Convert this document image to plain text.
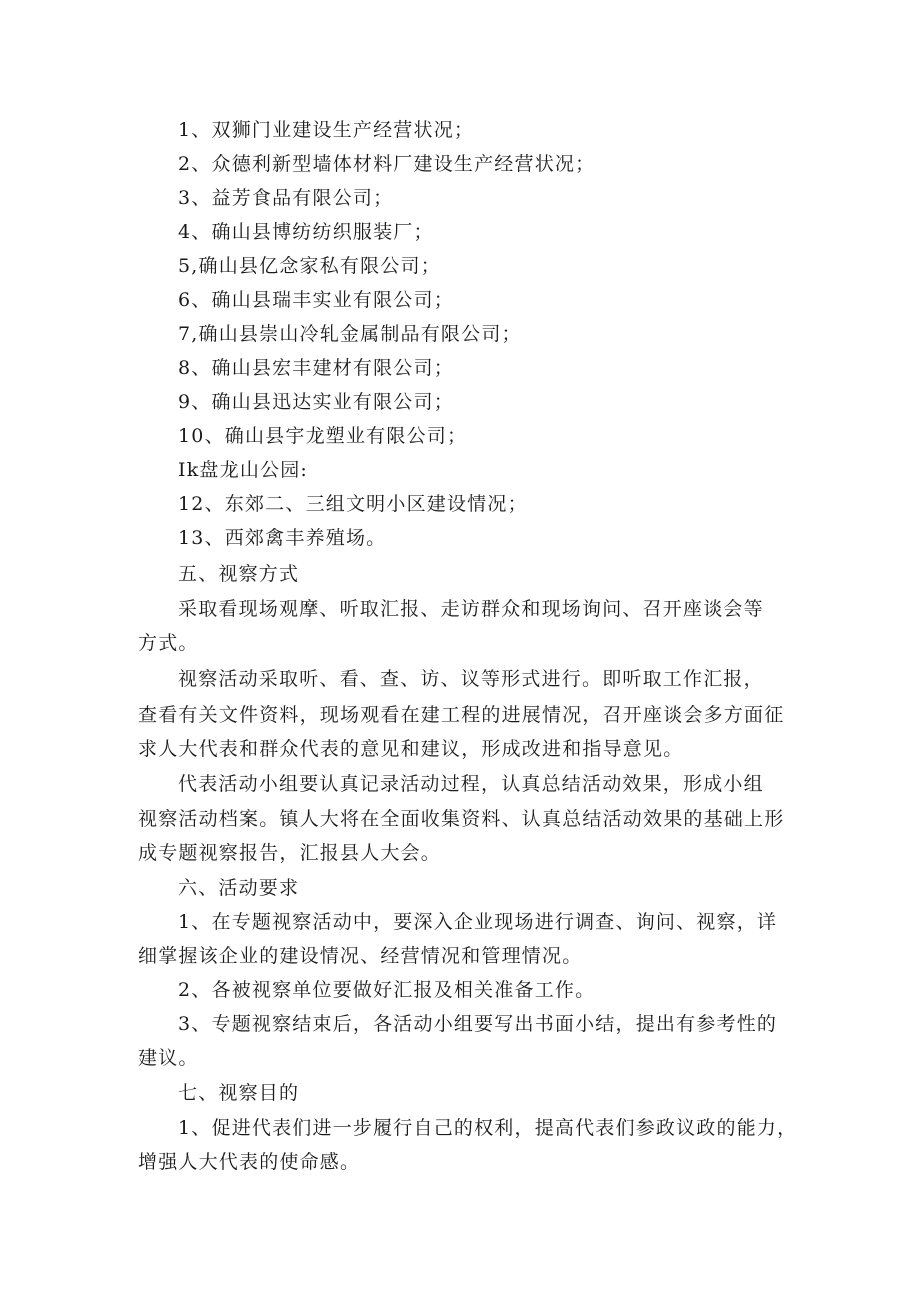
1、双狮门业建设生产经营状况；
2、众德利新型墙体材料厂建设生产经营状况；
3、益芳食品有限公司；
4、确山县博纺纺织服装厂；
5,确山县亿念家私有限公司；
6、确山县瑞丰实业有限公司；
7,确山县崇山冷轧金属制品有限公司；
8、确山县宏丰建材有限公司；
9、确山县迅达实业有限公司；
10、确山县宇龙塑业有限公司；
Ik盘龙山公园:
12、东郊二、三组文明小区建设情况；
13、西郊禽丰养殖场。
五、视察方式
采取看现场观摩、听取汇报、走访群众和现场询问、召开座谈会等
方式。
视察活动采取听、看、查、访、议等形式进行。即听取工作汇报，
查看有关文件资料，现场观看在建工程的进展情况，召开座谈会多方面征
求人大代表和群众代表的意见和建议，形成改进和指导意见。
代表活动小组要认真记录活动过程，认真总结活动效果，形成小组
视察活动档案。镇人大将在全面收集资料、认真总结活动效果的基础上形
成专题视察报告，汇报县人大会。
六、活动要求
1、在专题视察活动中，要深入企业现场进行调查、询问、视察，详
细掌握该企业的建设情况、经营情况和管理情况。
2、各被视察单位要做好汇报及相关准备工作。
3、专题视察结束后，各活动小组要写出书面小结，提出有参考性的
建议。
七、视察目的
1、促进代表们进一步履行自己的权利，提高代表们参政议政的能力，
增强人大代表的使命感。
